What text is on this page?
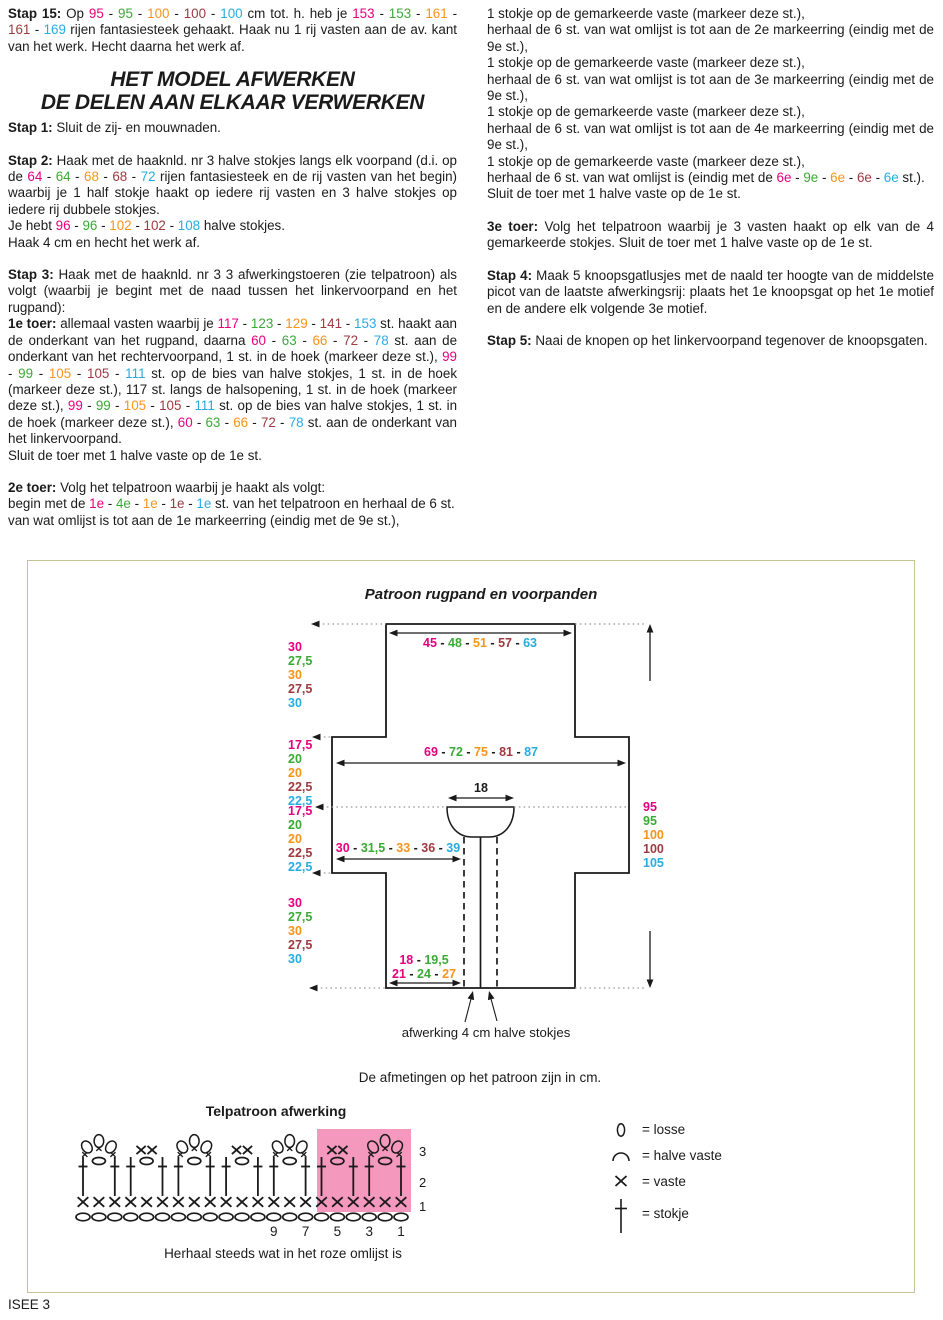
Stap 15: Op 95 - 95 - 100 - 100 - 100 cm tot. h. heb je 153 - 153 - 161 - 161 - 169 rijen fantasiesteek gehaakt. Haak nu 1 rij vasten aan de av. kant van het werk. Hecht daarna het werk af.
HET MODEL AFWERKEN
DE DELEN AAN ELKAAR VERWERKEN
Stap 1: Sluit de zij- en mouwnaden.
Stap 2: Haak met de haaknld. nr 3 halve stokjes langs elk voorpand (d.i. op de 64 - 64 - 68 - 68 - 72 rijen fantasiesteek en de rij vasten van het begin) waarbij je 1 half stokje haakt op iedere rij vasten en 3 halve stokjes op iedere rij dubbele stokjes.
Je hebt 96 - 96 - 102 - 102 - 108 halve stokjes.
Haak 4 cm en hecht het werk af.
Stap 3: Haak met de haaknld. nr 3 3 afwerkingstoeren (zie telpatroon) als volgt (waarbij je begint met de naad tussen het linkervoorpand en het rugpand):
1e toer: allemaal vasten waarbij je 117 - 123 - 129 - 141 - 153 st. haakt aan de onderkant van het rugpand, daarna 60 - 63 - 66 - 72 - 78 st. aan de onderkant van het rechtervoorpand, 1 st. in de hoek (markeer deze st.), 99 - 99 - 105 - 105 - 111 st. op de bies van halve stokjes, 1 st. in de hoek (markeer deze st.), 117 st. langs de halsopening, 1 st. in de hoek (markeer deze st.), 99 - 99 - 105 - 105 - 111 st. op de bies van halve stokjes, 1 st. in de hoek (markeer deze st.), 60 - 63 - 66 - 72 - 78 st. aan de onderkant van het linkervoorpand.
Sluit de toer met 1 halve vaste op de 1e st.
2e toer: Volg het telpatroon waarbij je haakt als volgt:
begin met de 1e - 4e - 1e - 1e - 1e st. van het telpatroon en herhaal de 6 st. van wat omlijst is tot aan de 1e markeerring (eindig met de 9e st.),
1 stokje op de gemarkeerde vaste (markeer deze st.),
herhaal de 6 st. van wat omlijst is tot aan de 2e markeerring (eindig met de 9e st.),
1 stokje op de gemarkeerde vaste (markeer deze st.),
herhaal de 6 st. van wat omlijst is tot aan de 3e markeerring (eindig met de 9e st.),
1 stokje op de gemarkeerde vaste (markeer deze st.),
herhaal de 6 st. van wat omlijst is tot aan de 4e markeerring (eindig met de 9e st.),
1 stokje op de gemarkeerde vaste (markeer deze st.),
herhaal de 6 st. van wat omlijst is (eindig met de 6e - 9e - 6e - 6e - 6e st.).
Sluit de toer met 1 halve vaste op de 1e st.
3e toer: Volg het telpatroon waarbij je 3 vasten haakt op elk van de 4 gemarkeerde stokjes. Sluit de toer met 1 halve vaste op de 1e st.
Stap 4: Maak 5 knoopsgatlusjes met de naald ter hoogte van de middelste picot van de laatste afwerkingsrij: plaats het 1e knoopsgat op het 1e motief en de andere elk volgende 3e motief.
Stap 5: Naai de knopen op het linkervoorpand tegenover de knoopsgaten.
45 - 48 - 51 - 57 - 63
69 - 72 - 75 - 81 - 87
18
30 - 31,5 - 33 - 36 - 39
18 - 19,5
21 - 24 - 27
30
27,5
30
27,5
30
17,5
20
20
22,5
22,5
17,5
20
20
22,5
22,5
30
27,5
30
27,5
30
95
95
100
100
105
3
2
1
9 7 5 3 1
Patroon rugpand en voorpanden
afwerking 4 cm halve stokjes
De afmetingen op het patroon zijn in cm.
Telpatroon afwerking
Herhaal steeds wat in het roze omlijst is
= losse
= halve vaste
= vaste
= stokje
ISEE 3
